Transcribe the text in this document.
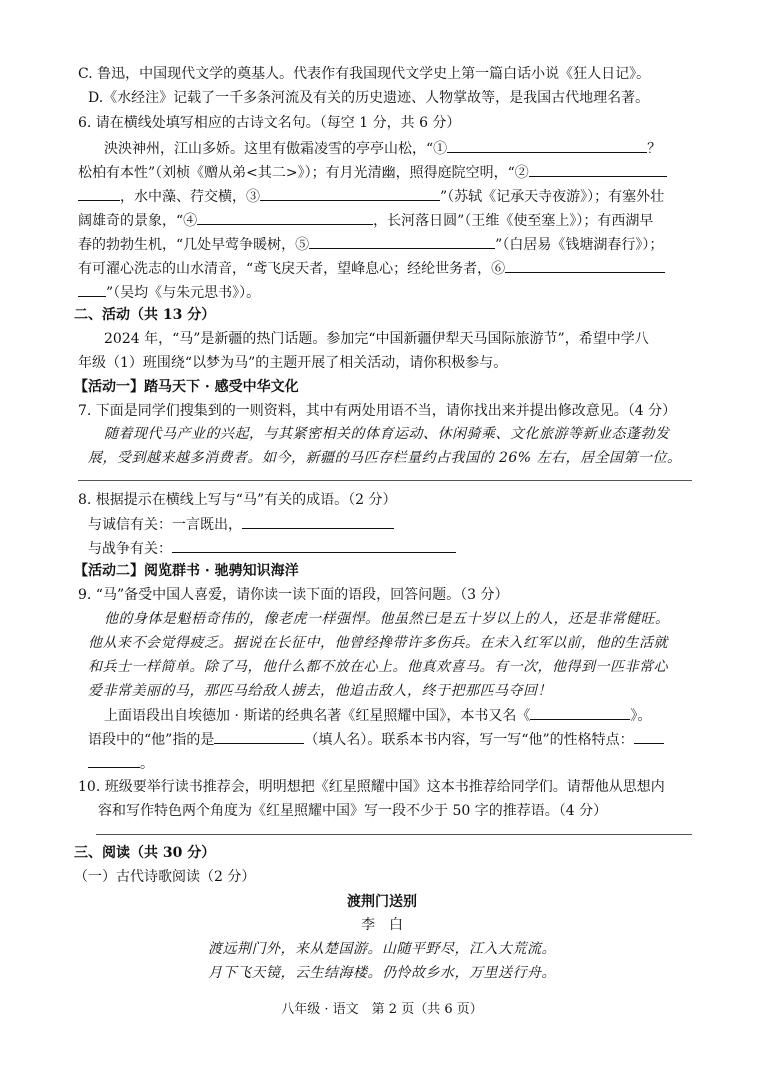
C. 鲁迅，中国现代文学的奠基人。代表作有我国现代文学史上第一篇白话小说《狂人日记》。
D.《水经注》记载了一千多条河流及有关的历史遗迹、人物掌故等，是我国古代地理名著。
6. 请在横线处填写相应的古诗文名句。（每空 1 分，共 6 分）
泱泱神州，江山多娇。这里有傲霜凌雪的亭亭山松，“①	？
松柏有本性”（刘桢《赠从弟<其二>》）；有月光清幽，照得庭院空明，“②
，水中藻、荇交横，③	”（苏轼《记承天寺夜游》）；有塞外壮
阔雄奇的景象，“④	，长河落日圆”（王维《使至塞上》）；有西湖早
春的勃勃生机，“几处早莺争暖树，⑤	”（白居易《钱塘湖春行》）；
有可濯心洗志的山水清音，“鸢飞戾天者，望峰息心；经纶世务者，⑥
”（吴均《与朱元思书》）。
二、活动（共 13 分）
2024 年，“马”是新疆的热门话题。参加完“中国新疆伊犁天马国际旅游节”，希望中学八
年级（1）班围绕“以梦为马”的主题开展了相关活动，请你积极参与。
【活动一】踏马天下 · 感受中华文化
7. 下面是同学们搜集到的一则资料，其中有两处用语不当，请你找出来并提出修改意见。（4 分）
随着现代马产业的兴起，与其紧密相关的体育运动、休闲骑乘、文化旅游等新业态蓬勃发
展，受到越来越多消费者。如今，新疆的马匹存栏量约占我国的 26% 左右，居全国第一位。
8. 根据提示在横线上写与“马”有关的成语。（2 分）
与诚信有关：一言既出，
与战争有关：
【活动二】阅览群书 · 驰骋知识海洋
9. “马”备受中国人喜爱，请你读一读下面的语段，回答问题。（3 分）
他的身体是魁梧奇伟的，像老虎一样强悍。他虽然已是五十岁以上的人，还是非常健旺。
他从来不会觉得疲乏。据说在长征中，他曾经搀带许多伤兵。在未入红军以前，他的生活就
和兵士一样简单。除了马，他什么都不放在心上。他真欢喜马。有一次，他得到一匹非常心
爱非常美丽的马，那匹马给敌人掳去，他追击敌人，终于把那匹马夺回！
上面语段出自埃德加 · 斯诺的经典名著《红星照耀中国》，本书又名《	》。
语段中的“他”指的是	（填人名）。联系本书内容，写一写“他”的性格特点：
。
10. 班级要举行读书推荐会，明明想把《红星照耀中国》这本书推荐给同学们。请帮他从思想内
容和写作特色两个角度为《红星照耀中国》写一段不少于 50 字的推荐语。（4 分）
三、阅读（共 30 分）
（一）古代诗歌阅读（2 分）
渡荆门送别
李　白
渡远荆门外，来从楚国游。山随平野尽，江入大荒流。
月下飞天镜，云生结海楼。仍怜故乡水，万里送行舟。
八年级 · 语文　第 2 页（共 6 页）
